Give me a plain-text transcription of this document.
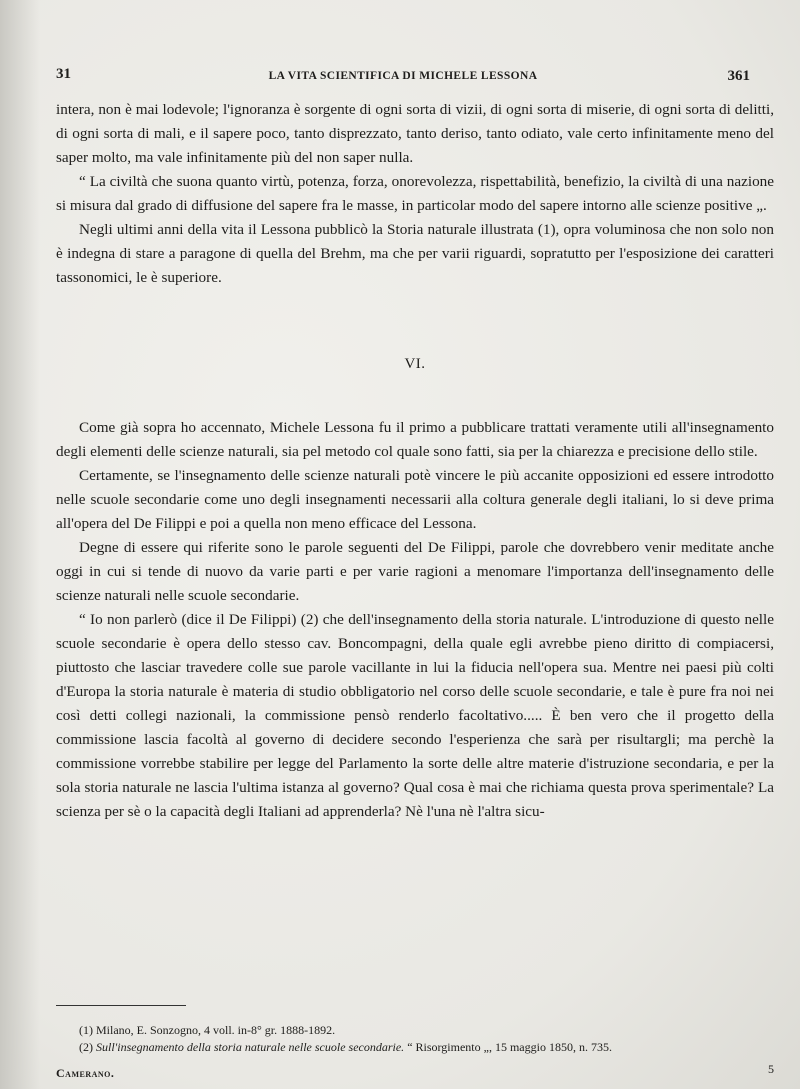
31	LA VITA SCIENTIFICA DI MICHELE LESSONA	361

intera, non è mai lodevole; l'ignoranza è sorgente di ogni sorta di vizii, di ogni sorta di miserie, di ogni sorta di delitti, di ogni sorta di mali, e il sapere poco, tanto disprezzato, tanto deriso, tanto odiato, vale certo infinitamente meno del saper molto, ma vale infinitamente più del non saper nulla.

“ La civiltà che suona quanto virtù, potenza, forza, onorevolezza, rispettabilità, benefizio, la civiltà di una nazione si misura dal grado di diffusione del sapere fra le masse, in particolar modo del sapere intorno alle scienze positive „.

Negli ultimi anni della vita il Lessona pubblicò la Storia naturale illustrata (1), opra voluminosa che non solo non è indegna di stare a paragone di quella del Brehm, ma che per varii riguardi, sopratutto per l'esposizione dei caratteri tassonomici, le è superiore.

VI.

Come già sopra ho accennato, Michele Lessona fu il primo a pubblicare trattati veramente utili all'insegnamento degli elementi delle scienze naturali, sia pel metodo col quale sono fatti, sia per la chiarezza e precisione dello stile.

Certamente, se l'insegnamento delle scienze naturali potè vincere le più accanite opposizioni ed essere introdotto nelle scuole secondarie come uno degli insegnamenti necessarii alla coltura generale degli italiani, lo si deve prima all'opera del De Filippi e poi a quella non meno efficace del Lessona.

Degne di essere qui riferite sono le parole seguenti del De Filippi, parole che dovrebbero venir meditate anche oggi in cui si tende di nuovo da varie parti e per varie ragioni a menomare l'importanza dell'insegnamento delle scienze naturali nelle scuole secondarie.

“ Io non parlerò (dice il De Filippi) (2) che dell'insegnamento della storia naturale. L'introduzione di questo nelle scuole secondarie è opera dello stesso cav. Boncompagni, della quale egli avrebbe pieno diritto di compiacersi, piuttosto che lasciar travedere colle sue parole vacillante in lui la fiducia nell'opera sua. Mentre nei paesi più colti d'Europa la storia naturale è materia di studio obbligatorio nel corso delle scuole secondarie, e tale è pure fra noi nei così detti collegi nazionali, la commissione pensò renderlo facoltativo..... È ben vero che il progetto della commissione lascia facoltà al governo di decidere secondo l'esperienza che sarà per risultargli; ma perchè la commissione vorrebbe stabilire per legge del Parlamento la sorte delle altre materie d'istruzione secondaria, e per la sola storia naturale ne lascia l'ultima istanza al governo? Qual cosa è mai che richiama questa prova sperimentale? La scienza per sè o la capacità degli Italiani ad apprenderla? Nè l'una nè l'altra sicu-

(1) Milano, E. Sonzogno, 4 voll. in-8° gr. 1888-1892.

(2) Sull'insegnamento della storia naturale nelle scuole secondarie. “ Risorgimento „, 15 maggio 1850, n. 735.

Camerano.	5
